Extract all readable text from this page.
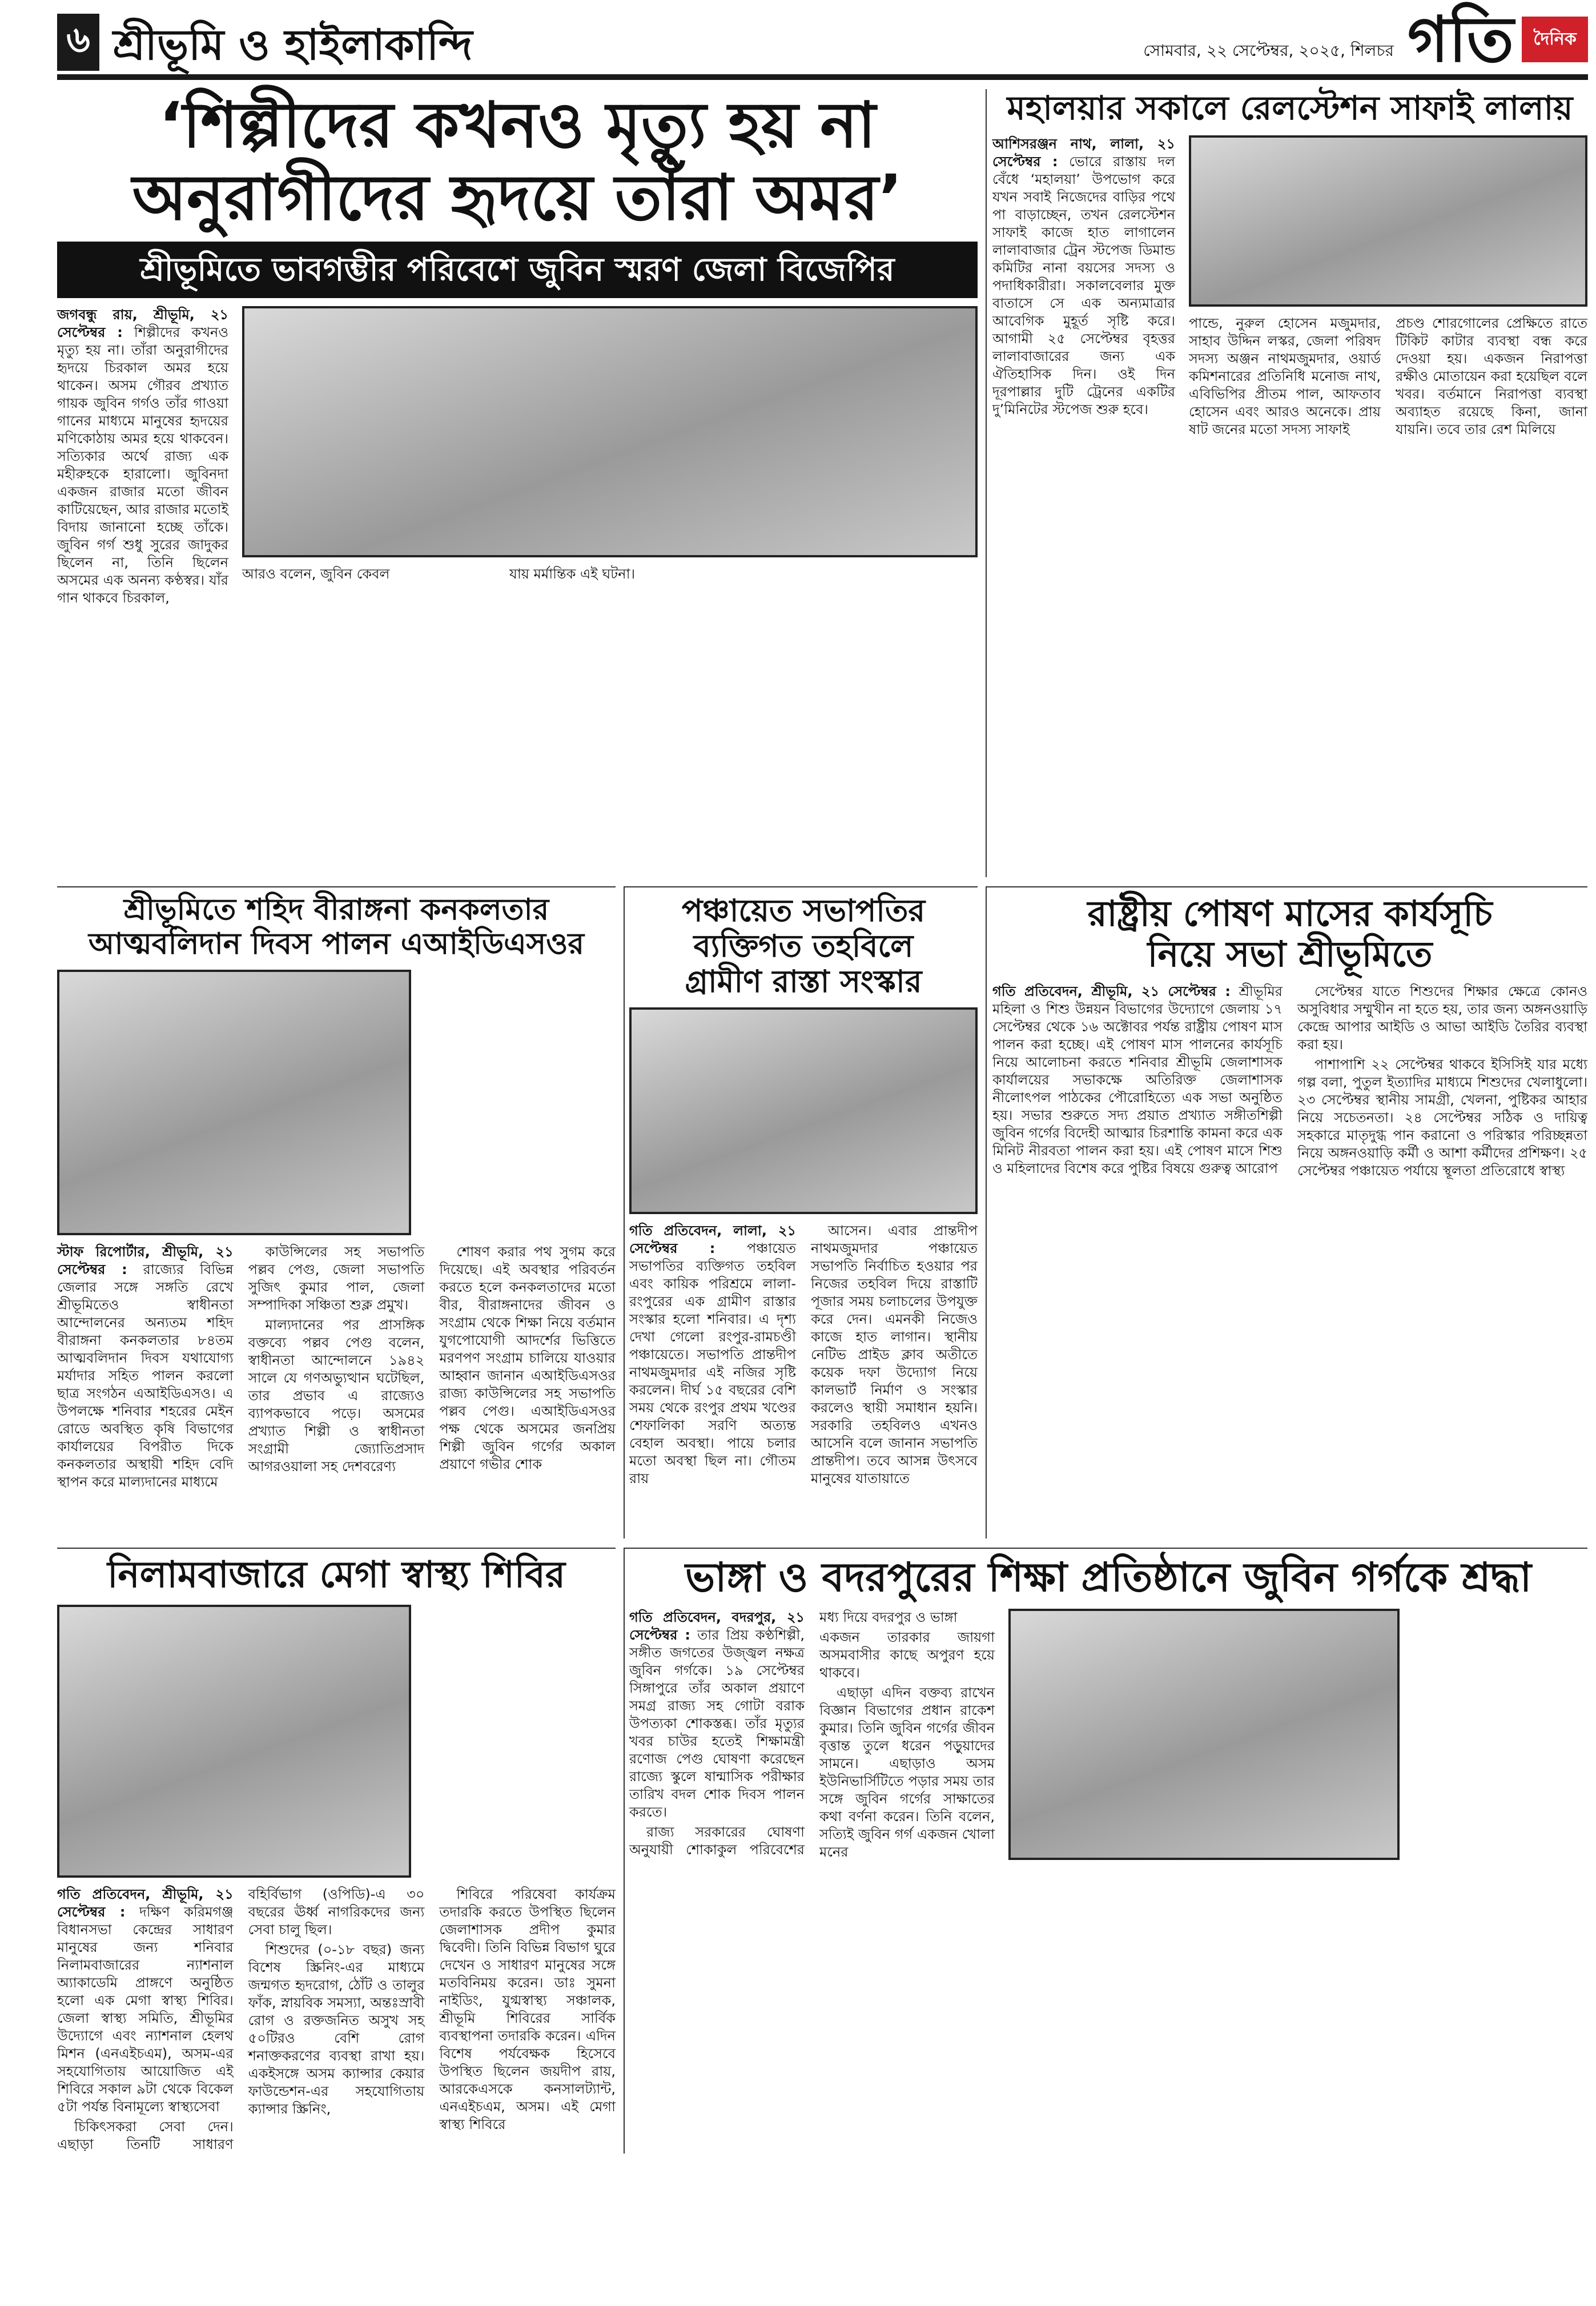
৬ শ্রীভূমি ও হাইলাকান্দি	সোমবার, ২২ সেপ্টেম্বর, ২০২৫, শিলচর গতি	দৈনিক
‘শিল্পীদের কখনও মৃত্যু হয় না
অনুরাগীদের হৃদয়ে তাঁরা অমর’
শ্রীভূমিতে ভাবগম্ভীর পরিবেশে জুবিন স্মরণ জেলা বিজেপির

জগবন্ধু রায়, শ্রীভূমি, ২১ সেপ্টেম্বর : শিল্পীদের কখনও মৃত্যু হয় না। তাঁরা অনুরাগীদের হৃদয়ে চিরকাল অমর হয়ে থাকেন। অসম গৌরব প্রখ্যাত গায়ক জুবিন গর্গও তাঁর গাওয়া গানের মাধ্যমে মানুষের হৃদয়ের মণিকোঠায় অমর হয়ে থাকবেন। সত্যিকার অর্থে রাজ্য এক মহীরুহকে হারালো। জুবিনদা একজন রাজার মতো জীবন কাটিয়েছেন, আর রাজার মতোই বিদায় জানানো হচ্ছে তাঁকে। জুবিন গর্গ শুধু সুরের জাদুকর ছিলেন না, তিনি ছিলেন অসমের এক অনন্য কণ্ঠস্বর। যাঁর গান থাকবে চিরকাল,

আরও বলেন, জুবিন কেবল	যায় মর্মান্তিক এই ঘটনা।

মহালয়ার সকালে রেলস্টেশন সাফাই লালায়

আশিসরঞ্জন নাথ, লালা, ২১ সেপ্টেম্বর : ভোরে রাস্তায় দল বেঁধে ‘মহালয়া’ উপভোগ করে যখন সবাই নিজেদের বাড়ির পথে পা বাড়াচ্ছেন, তখন রেলস্টেশন সাফাই কাজে হাত লাগালেন লালাবাজার ট্রেন স্টপেজ ডিমান্ড কমিটির নানা বয়সের সদস্য ও পদাধিকারীরা। সকালবেলার মুক্ত বাতাসে সে এক অন্যমাত্রার আবেগিক মুহূর্ত সৃষ্টি করে। আগামী ২৫ সেপ্টেম্বর বৃহত্তর লালাবাজারের জন্য এক ঐতিহাসিক দিন। ওই দিন দূরপাল্লার দুটি ট্রেনের একটির দু’মিনিটের স্টপেজ শুরু হবে।

পান্ডে, নুরুল হোসেন মজুমদার, সাহাব উদ্দিন লস্কর, জেলা পরিষদ সদস্য অঞ্জন নাথমজুমদার, ওয়ার্ড কমিশনারের প্রতিনিধি মনোজ নাথ, এবিভিপির প্রীতম পাল, আফতাব হোসেন এবং আরও অনেকে। প্রায় ষাট জনের মতো সদস্য সাফাই

প্রচণ্ড শোরগোলের প্রেক্ষিতে রাতে টিকিট কাটার ব্যবস্থা বন্ধ করে দেওয়া হয়। একজন নিরাপত্তা রক্ষীও মোতায়েন করা হয়েছিল বলে খবর। বর্তমানে নিরাপত্তা ব্যবস্থা অব্যাহত রয়েছে কিনা, জানা যায়নি। তবে তার রেশ মিলিয়ে

শ্রীভূমিতে শহিদ বীরাঙ্গনা কনকলতার
আত্মবলিদান দিবস পালন এআইডিএসওর

স্টাফ রিপোর্টার, শ্রীভূমি, ২১ সেপ্টেম্বর : রাজ্যের বিভিন্ন জেলার সঙ্গে সঙ্গতি রেখে শ্রীভূমিতেও স্বাধীনতা আন্দোলনের অন্যতম শহিদ বীরাঙ্গনা কনকলতার ৮৪তম আত্মবলিদান দিবস যথাযোগ্য মর্যাদার সহিত পালন করলো ছাত্র সংগঠন এআইডিএসও। এ উপলক্ষে শনিবার শহরের মেইন রোডে অবস্থিত কৃষি বিভাগের কার্যালয়ের বিপরীত দিকে কনকলতার অস্থায়ী শহিদ বেদি স্থাপন করে মাল্যদানের মাধ্যমে

কাউন্সিলের সহ সভাপতি পল্লব পেগু, জেলা সভাপতি সুজিৎ কুমার পাল, জেলা সম্পাদিকা সঞ্চিতা শুক্ল প্রমুখ।

মাল্যদানের পর প্রাসঙ্গিক বক্তব্যে পল্লব পেগু বলেন, স্বাধীনতা আন্দোলনে ১৯৪২ সালে যে গণঅভ্যুত্থান ঘটেছিল, তার প্রভাব এ রাজ্যেও ব্যাপকভাবে পড়ে। অসমের প্রখ্যাত শিল্পী ও স্বাধীনতা সংগ্রামী জ্যোতিপ্রসাদ আগরওয়ালা সহ দেশবরেণ্য

শোষণ করার পথ সুগম করে দিয়েছে। এই অবস্থার পরিবর্তন করতে হলে কনকলতাদের মতো বীর, বীরাঙ্গনাদের জীবন ও সংগ্রাম থেকে শিক্ষা নিয়ে বর্তমান যুগপোযোগী আদর্শের ভিত্তিতে মরণপণ সংগ্রাম চালিয়ে যাওয়ার আহ্বান জানান এআইডিএসওর রাজ্য কাউন্সিলের সহ সভাপতি পল্লব পেগু। এআইডিএসওর পক্ষ থেকে অসমের জনপ্রিয় শিল্পী জুবিন গর্গের অকাল প্রয়াণে গভীর শোক

পঞ্চায়েত সভাপতির
ব্যক্তিগত তহবিলে
গ্রামীণ রাস্তা সংস্কার

গতি প্রতিবেদন, লালা, ২১ সেপ্টেম্বর : পঞ্চায়েত সভাপতির ব্যক্তিগত তহবিল এবং কায়িক পরিশ্রমে লালা-রংপুরের এক গ্রামীণ রাস্তার সংস্কার হলো শনিবার। এ দৃশ্য দেখা গেলো রংপুর-রামচণ্ডী পঞ্চায়েতে। সভাপতি প্রান্তদীপ নাথমজুমদার এই নজির সৃষ্টি করলেন। দীর্ঘ ১৫ বছরের বেশি সময় থেকে রংপুর প্রথম খণ্ডের শেফালিকা সরণি অত্যন্ত বেহাল অবস্থা। পায়ে চলার মতো অবস্থা ছিল না। গৌতম রায়

আসেন। এবার প্রান্তদীপ নাথমজুমদার পঞ্চায়েত সভাপতি নির্বাচিত হওয়ার পর নিজের তহবিল দিয়ে রাস্তাটি পূজার সময় চলাচলের উপযুক্ত করে দেন। এমনকী নিজেও কাজে হাত লাগান। স্থানীয় নেটিভ প্রাইড ক্লাব অতীতে কয়েক দফা উদ্যোগ নিয়ে কালভার্ট নির্মাণ ও সংস্কার করলেও স্থায়ী সমাধান হয়নি। সরকারি তহবিলও এখনও আসেনি বলে জানান সভাপতি প্রান্তদীপ। তবে আসন্ন উৎসবে মানুষের যাতায়াতে

রাষ্ট্রীয় পোষণ মাসের কার্যসূচি
নিয়ে সভা শ্রীভূমিতে

গতি প্রতিবেদন, শ্রীভূমি, ২১ সেপ্টেম্বর : শ্রীভূমির মহিলা ও শিশু উন্নয়ন বিভাগের উদ্যোগে জেলায় ১৭ সেপ্টেম্বর থেকে ১৬ অক্টোবর পর্যন্ত রাষ্ট্রীয় পোষণ মাস পালন করা হচ্ছে। এই পোষণ মাস পালনের কার্যসূচি নিয়ে আলোচনা করতে শনিবার শ্রীভূমি জেলাশাসক কার্যালয়ের সভাকক্ষে অতিরিক্ত জেলাশাসক নীলোৎপল পাঠকের পৌরোহিত্যে এক সভা অনুষ্ঠিত হয়। সভার শুরুতে সদ্য প্রয়াত প্রখ্যাত সঙ্গীতশিল্পী জুবিন গর্গের বিদেহী আত্মার চিরশান্তি কামনা করে এক মিনিট নীরবতা পালন করা হয়। এই পোষণ মাসে শিশু ও মহিলাদের বিশেষ করে পুষ্টির বিষয়ে গুরুত্ব আরোপ

সেপ্টেম্বর যাতে শিশুদের শিক্ষার ক্ষেত্রে কোনও অসুবিধার সম্মুখীন না হতে হয়, তার জন্য অঙ্গনওয়াড়ি কেন্দ্রে আপার আইডি ও আভা আইডি তৈরির ব্যবস্থা করা হয়।

পাশাপাশি ২২ সেপ্টেম্বর থাকবে ইসিসিই যার মধ্যে গল্প বলা, পুতুল ইত্যাদির মাধ্যমে শিশুদের খেলাধুলো। ২৩ সেপ্টেম্বর স্থানীয় সামগ্রী, খেলনা, পুষ্টিকর আহার নিয়ে সচেতনতা। ২৪ সেপ্টেম্বর সঠিক ও দায়িত্ব সহকারে মাতৃদুগ্ধ পান করানো ও পরিস্কার পরিচ্ছন্নতা নিয়ে অঙ্গনওয়াড়ি কর্মী ও আশা কর্মীদের প্রশিক্ষণ। ২৫ সেপ্টেম্বর পঞ্চায়েত পর্যায়ে স্থূলতা প্রতিরোধে স্বাস্থ্য

নিলামবাজারে মেগা স্বাস্থ্য শিবির

গতি প্রতিবেদন, শ্রীভূমি, ২১ সেপ্টেম্বর : দক্ষিণ করিমগঞ্জ বিধানসভা কেন্দ্রের সাধারণ মানুষের জন্য শনিবার নিলামবাজারের ন্যাশনাল অ্যাকাডেমি প্রাঙ্গণে অনুষ্ঠিত হলো এক মেগা স্বাস্থ্য শিবির। জেলা স্বাস্থ্য সমিতি, শ্রীভূমির উদ্যোগে এবং ন্যাশনাল হেলথ মিশন (এনএইচএম), অসম-এর সহযোগিতায় আয়োজিত এই শিবিরে সকাল ৯টা থেকে বিকেল ৫টা পর্যন্ত বিনামূল্যে স্বাস্থ্যসেবা

চিকিৎসকরা সেবা দেন। এছাড়া তিনটি সাধারণ বহির্বিভাগ (ওপিডি)-এ ৩০ বছরের ঊর্ধ্ব নাগরিকদের জন্য সেবা চালু ছিল।

শিশুদের (০-১৮ বছর) জন্য বিশেষ স্ক্রিনিং-এর মাধ্যমে জন্মগত হৃদরোগ, ঠোঁট ও তালুর ফাঁক, স্নায়বিক সমস্যা, অন্তঃস্রাবী রোগ ও রক্তজনিত অসুখ সহ ৫০টিরও বেশি রোগ শনাক্তকরণের ব্যবস্থা রাখা হয়। একইসঙ্গে অসম ক্যান্সার কেয়ার ফাউন্ডেশন-এর সহযোগিতায় ক্যান্সার স্ক্রিনিং,

শিবিরে পরিষেবা কার্যক্রম তদারকি করতে উপস্থিত ছিলেন জেলাশাসক প্রদীপ কুমার দ্বিবেদী। তিনি বিভিন্ন বিভাগ ঘুরে দেখেন ও সাধারণ মানুষের সঙ্গে মতবিনিময় করেন। ডাঃ সুমনা নাইডিং, যুগ্মস্বাস্থ্য সঞ্চালক, শ্রীভূমি শিবিরের সার্বিক ব্যবস্থাপনা তদারকি করেন। এদিন বিশেষ পর্যবেক্ষক হিসেবে উপস্থিত ছিলেন জয়দীপ রায়, আরকেএসকে কনসালট্যান্ট, এনএইচএম, অসম। এই মেগা স্বাস্থ্য শিবিরে

ভাঙ্গা ও বদরপুরের শিক্ষা প্রতিষ্ঠানে জুবিন গর্গকে শ্রদ্ধা

গতি প্রতিবেদন, বদরপুর, ২১ সেপ্টেম্বর : তার প্রিয় কণ্ঠশিল্পী, সঙ্গীত জগতের উজ্জ্বল নক্ষত্র জুবিন গর্গকে। ১৯ সেপ্টেম্বর সিঙ্গাপুরে তাঁর অকাল প্রয়াণে সমগ্র রাজ্য সহ গোটা বরাক উপত্যকা শোকস্তব্ধ। তাঁর মৃত্যুর খবর চাউর হতেই শিক্ষামন্ত্রী রণোজ পেগু ঘোষণা করেছেন রাজ্যে স্কুলে ষান্মাসিক পরীক্ষার তারিখ বদল শোক দিবস পালন করতে।

রাজ্য সরকারের ঘোষণা অনুযায়ী শোকাকুল পরিবেশের মধ্য দিয়ে বদরপুর ও ভাঙ্গা

একজন তারকার জায়গা অসমবাসীর কাছে অপুরণ হয়ে থাকবে।

এছাড়া এদিন বক্তব্য রাখেন বিজ্ঞান বিভাগের প্রধান রাকেশ কুমার। তিনি জুবিন গর্গের জীবন বৃত্তান্ত তুলে ধরেন পড়ুয়াদের সামনে। এছাড়াও অসম ইউনিভার্সিটিতে পড়ার সময় তার সঙ্গে জুবিন গর্গের সাক্ষাতের কথা বর্ণনা করেন। তিনি বলেন, সত্যিই জুবিন গর্গ একজন খোলা মনের
